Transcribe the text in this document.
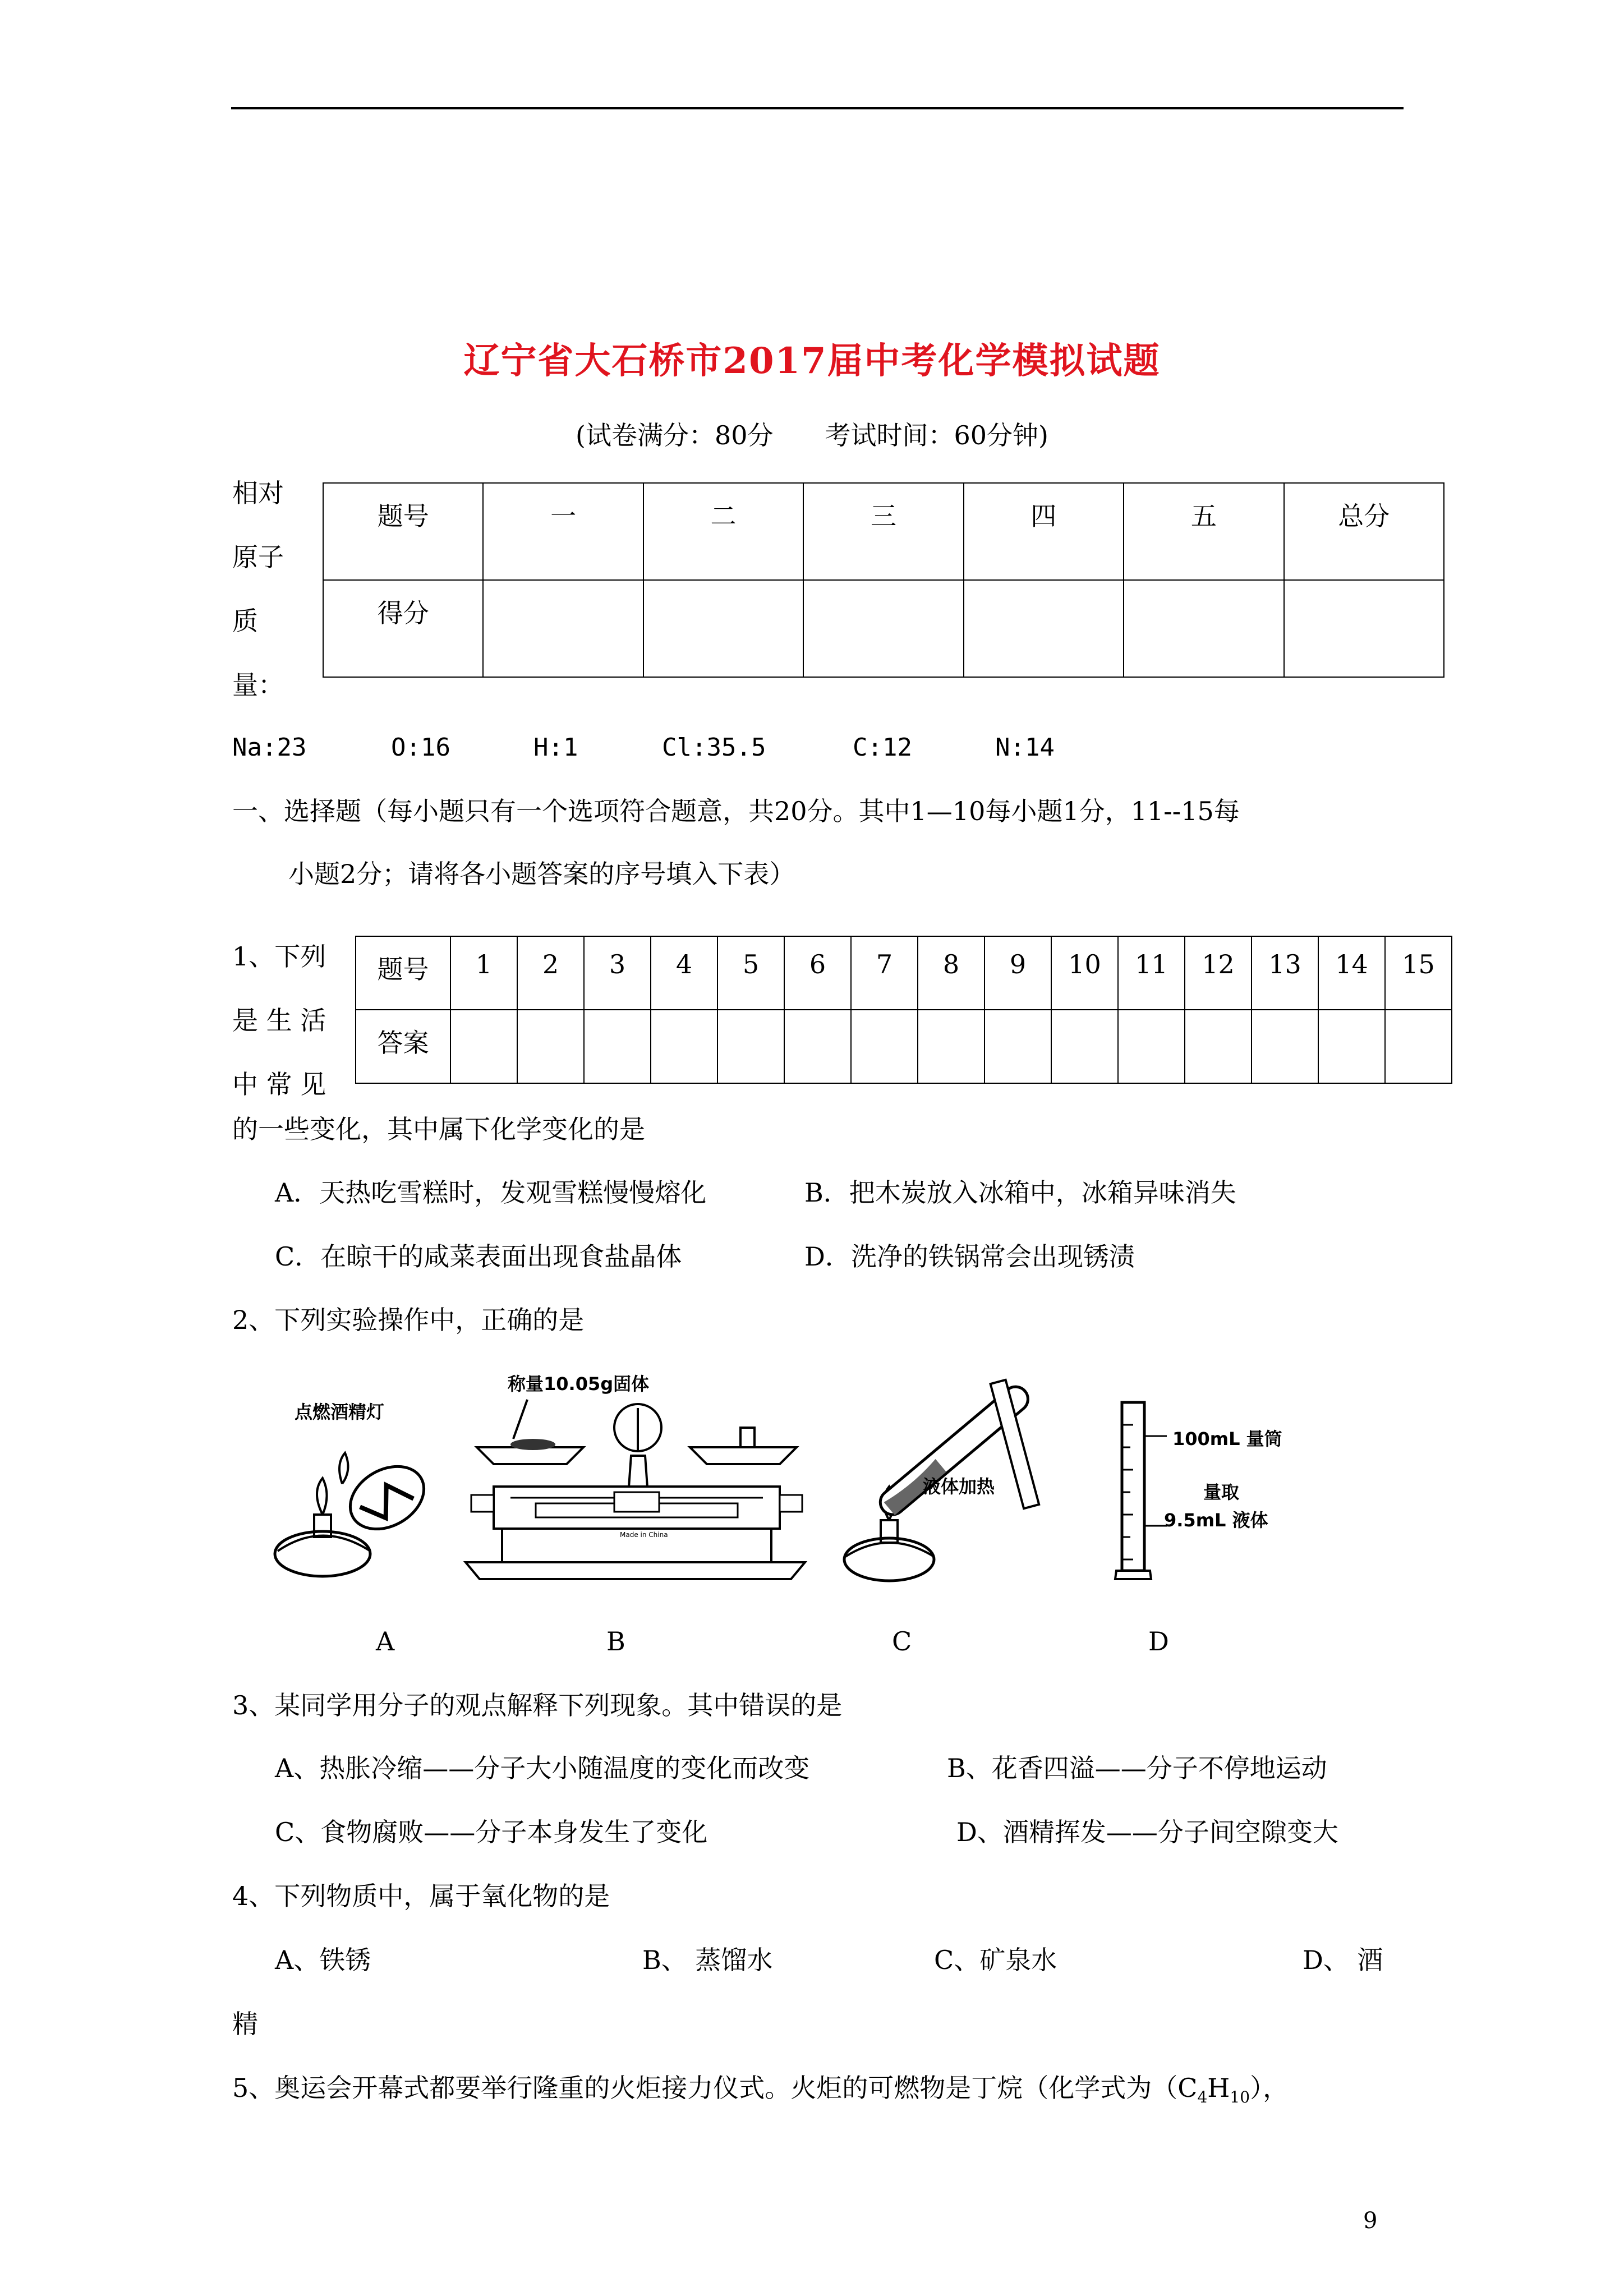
辽宁省大石桥市2017届中考化学模拟试题
(试卷满分：80分　　考试时间：60分钟)
相对
原子
质
量：
题号	一	二	三	四	五	总分
得分						
Na:23	O:16	H:1	Cl:35.5	C:12	N:14
一、选择题（每小题只有一个选项符合题意，共20分。其中1—10每小题1分，11--15每
小题2分；请将各小题答案的序号填入下表）
1、下列
是 生 活
中 常 见
题号	1	2	3	4	5	6	7	8	9	10	11	12	13	14	15
答案															
的一些变化，其中属下化学变化的是
A．天热吃雪糕时，发观雪糕慢慢熔化	B．把木炭放入冰箱中，冰箱异味消失
C．在晾干的咸菜表面出现食盐晶体	D．洗净的铁锅常会出现锈渍
2、下列实验操作中，正确的是
点燃酒精灯
称量10.05g固体
Made in China
液体加热
100mL 量筒
量取
9.5mL 液体
A	B	C	D
3、某同学用分子的观点解释下列现象。其中错误的是
A、热胀冷缩——分子大小随温度的变化而改变	B、花香四溢——分子不停地运动
C、食物腐败——分子本身发生了变化	D、酒精挥发——分子间空隙变大
4、下列物质中，属于氧化物的是
A、铁锈	B、 蒸馏水	C、矿泉水	D、 酒
精
5、奥运会开幕式都要举行隆重的火炬接力仪式。火炬的可燃物是丁烷（化学式为$(C_4H_{10})$，
9
